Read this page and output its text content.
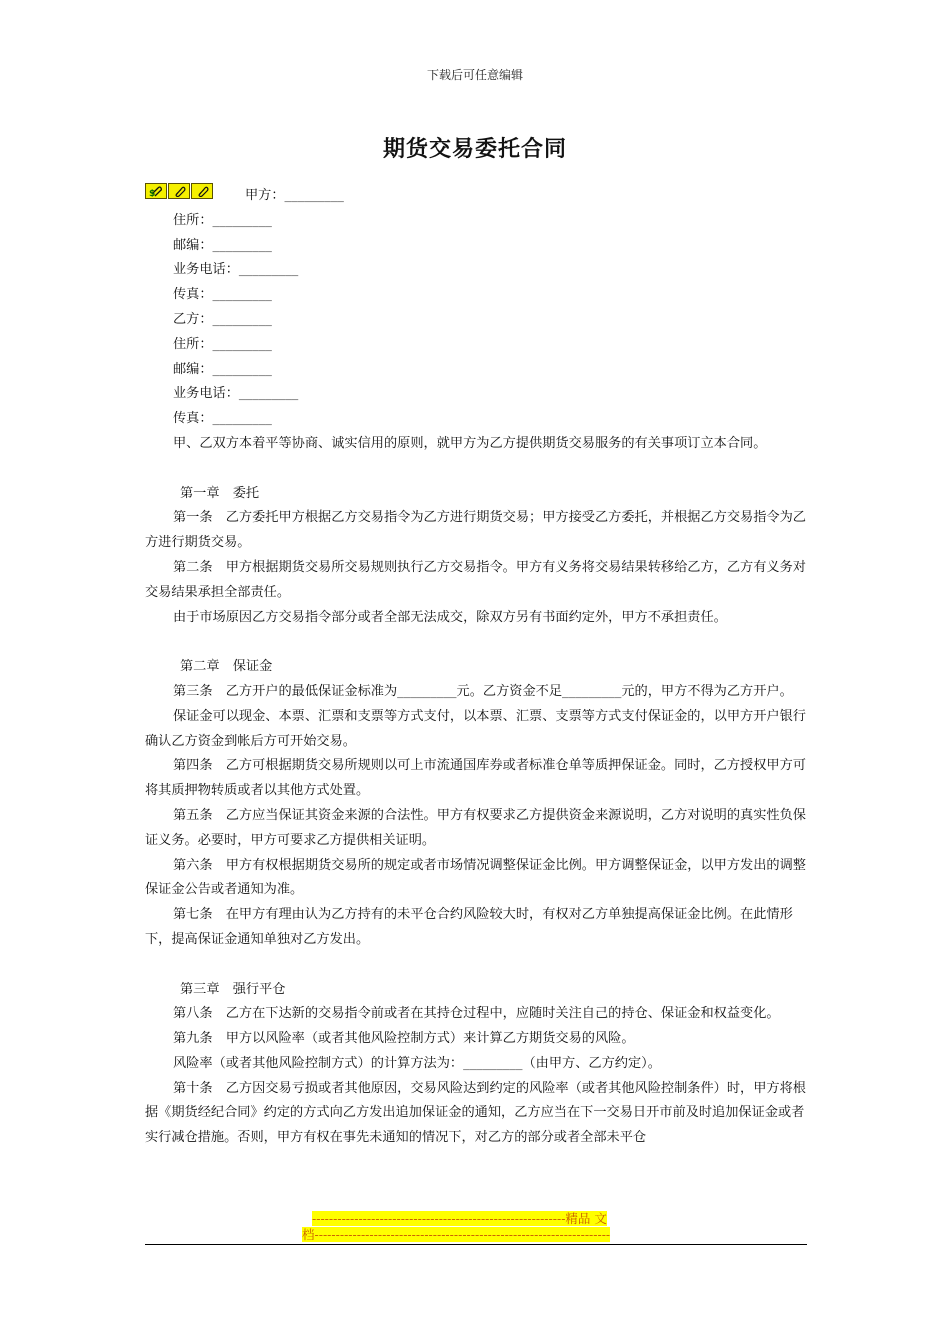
下载后可任意编辑
期货交易委托合同
$	甲方：_________

住所：_________

邮编：_________

业务电话：_________

传真：_________

乙方：_________

住所：_________

邮编：_________

业务电话：_________

传真：_________

甲、乙双方本着平等协商、诚实信用的原则，就甲方为乙方提供期货交易服务的有关事项订立本合同。

第一章　委托

第一条　乙方委托甲方根据乙方交易指令为乙方进行期货交易；甲方接受乙方委托，并根据乙方交易指令为乙方进行期货交易。

第二条　甲方根据期货交易所交易规则执行乙方交易指令。甲方有义务将交易结果转移给乙方，乙方有义务对交易结果承担全部责任。

由于市场原因乙方交易指令部分或者全部无法成交，除双方另有书面约定外，甲方不承担责任。

第二章　保证金

第三条　乙方开户的最低保证金标准为_________元。乙方资金不足_________元的，甲方不得为乙方开户。

保证金可以现金、本票、汇票和支票等方式支付，以本票、汇票、支票等方式支付保证金的，以甲方开户银行确认乙方资金到帐后方可开始交易。

第四条　乙方可根据期货交易所规则以可上市流通国库券或者标准仓单等质押保证金。同时，乙方授权甲方可将其质押物转质或者以其他方式处置。

第五条　乙方应当保证其资金来源的合法性。甲方有权要求乙方提供资金来源说明，乙方对说明的真实性负保证义务。必要时，甲方可要求乙方提供相关证明。

第六条　甲方有权根据期货交易所的规定或者市场情况调整保证金比例。甲方调整保证金，以甲方发出的调整保证金公告或者通知为准。

第七条　在甲方有理由认为乙方持有的未平仓合约风险较大时，有权对乙方单独提高保证金比例。在此情形下，提高保证金通知单独对乙方发出。

第三章　强行平仓

第八条　乙方在下达新的交易指令前或者在其持仓过程中，应随时关注自己的持仓、保证金和权益变化。

第九条　甲方以风险率（或者其他风险控制方式）来计算乙方期货交易的风险。

风险率（或者其他风险控制方式）的计算方法为：_________（由甲方、乙方约定）。

第十条　乙方因交易亏损或者其他原因，交易风险达到约定的风险率（或者其他风险控制条件）时，甲方将根据《期货经纪合同》约定的方式向乙方发出追加保证金的通知，乙方应当在下一交易日开市前及时追加保证金或者实行减仓措施。否则，甲方有权在事先未通知的情况下，对乙方的部分或者全部未平仓

------------------------------------------------------------精品 文
档----------------------------------------------------------------------
